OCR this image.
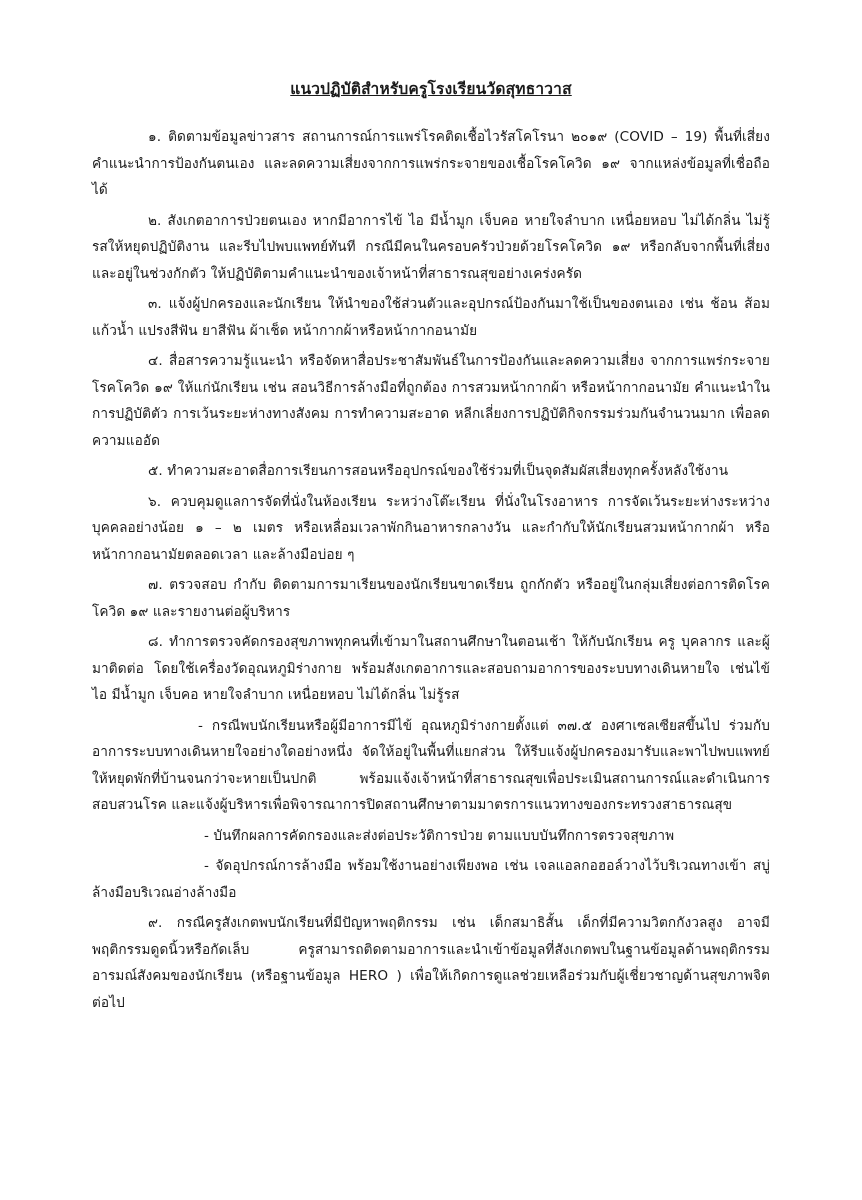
แนวปฏิบัติสำหรับครูโรงเรียนวัดสุทธาวาส

๑. ติดตามข้อมูลข่าวสาร สถานการณ์การแพร่โรคติดเชื้อไวรัสโคโรนา ๒๐๑๙ (COVID – 19) พื้นที่เสี่ยง คำแนะนำการป้องกันตนเอง และลดความเสี่ยงจากการแพร่กระจายของเชื้อโรคโควิด ๑๙ จากแหล่งข้อมูลที่เชื่อถือได้

๒. สังเกตอาการป่วยตนเอง หากมีอาการไข้ ไอ มีน้ำมูก เจ็บคอ หายใจลำบาก เหนื่อยหอบ ไม่ได้กลิ่น ไม่รู้รสให้หยุดปฏิบัติงาน และรีบไปพบแพทย์ทันที กรณีมีคนในครอบครัวป่วยด้วยโรคโควิด ๑๙ หรือกลับจากพื้นที่เสี่ยงและอยู่ในช่วงกักตัว ให้ปฏิบัติตามคำแนะนำของเจ้าหน้าที่สาธารณสุขอย่างเคร่งครัด

๓. แจ้งผู้ปกครองและนักเรียน ให้นำของใช้ส่วนตัวและอุปกรณ์ป้องกันมาใช้เป็นของตนเอง เช่น ช้อน ส้อม แก้วน้ำ แปรงสีฟัน ยาสีฟัน ผ้าเช็ด หน้ากากผ้าหรือหน้ากากอนามัย

๔. สื่อสารความรู้แนะนำ หรือจัดหาสื่อประชาสัมพันธ์ในการป้องกันและลดความเสี่ยง จากการแพร่กระจายโรคโควิด ๑๙ ให้แก่นักเรียน เช่น สอนวิธีการล้างมือที่ถูกต้อง การสวมหน้ากากผ้า หรือหน้ากากอนามัย คำแนะนำในการปฏิบัติตัว การเว้นระยะห่างทางสังคม การทำความสะอาด หลีกเลี่ยงการปฏิบัติกิจกรรมร่วมกันจำนวนมาก เพื่อลดความแออัด

๕. ทำความสะอาดสื่อการเรียนการสอนหรืออุปกรณ์ของใช้ร่วมที่เป็นจุดสัมผัสเสี่ยงทุกครั้งหลังใช้งาน

๖. ควบคุมดูแลการจัดที่นั่งในห้องเรียน ระหว่างโต๊ะเรียน ที่นั่งในโรงอาหาร การจัดเว้นระยะห่างระหว่างบุคคลอย่างน้อย ๑ – ๒ เมตร หรือเหลื่อมเวลาพักกินอาหารกลางวัน และกำกับให้นักเรียนสวมหน้ากากผ้า หรือหน้ากากอนามัยตลอดเวลา และล้างมือบ่อย ๆ

๗. ตรวจสอบ กำกับ ติดตามการมาเรียนของนักเรียนขาดเรียน ถูกกักตัว หรืออยู่ในกลุ่มเสี่ยงต่อการติดโรคโควิด ๑๙ และรายงานต่อผู้บริหาร

๘. ทำการตรวจคัดกรองสุขภาพทุกคนที่เข้ามาในสถานศึกษาในตอนเช้า ให้กับนักเรียน ครู บุคลากร และผู้มาติดต่อ โดยใช้เครื่องวัดอุณหภูมิร่างกาย พร้อมสังเกตอาการและสอบถามอาการของระบบทางเดินหายใจ เช่นไข้ ไอ มีน้ำมูก เจ็บคอ หายใจลำบาก เหนื่อยหอบ ไม่ได้กลิ่น ไม่รู้รส

- กรณีพบนักเรียนหรือผู้มีอาการมีไข้ อุณหภูมิร่างกายตั้งแต่ ๓๗.๕ องศาเซลเซียสขึ้นไป ร่วมกับอาการระบบทางเดินหายใจอย่างใดอย่างหนึ่ง จัดให้อยู่ในพื้นที่แยกส่วน ให้รีบแจ้งผู้ปกครองมารับและพาไปพบแพทย์ ให้หยุดพักที่บ้านจนกว่าจะหายเป็นปกติ พร้อมแจ้งเจ้าหน้าที่สาธารณสุขเพื่อประเมินสถานการณ์และดำเนินการสอบสวนโรค และแจ้งผู้บริหารเพื่อพิจารณาการปิดสถานศึกษาตามมาตรการแนวทางของกระทรวงสาธารณสุข

- บันทึกผลการคัดกรองและส่งต่อประวัติการป่วย ตามแบบบันทึกการตรวจสุขภาพ

- จัดอุปกรณ์การล้างมือ พร้อมใช้งานอย่างเพียงพอ เช่น เจลแอลกอฮอล์วางไว้บริเวณทางเข้า สบู่ล้างมือบริเวณอ่างล้างมือ

๙. กรณีครูสังเกตพบนักเรียนที่มีปัญหาพฤติกรรม เช่น เด็กสมาธิสั้น เด็กที่มีความวิตกกังวลสูง อาจมีพฤติกรรมดูดนิ้วหรือกัดเล็บ ครูสามารถติดตามอาการและนำเข้าข้อมูลที่สังเกตพบในฐานข้อมูลด้านพฤติกรรม อารมณ์สังคมของนักเรียน (หรือฐานข้อมูล HERO ) เพื่อให้เกิดการดูแลช่วยเหลือร่วมกับผู้เชี่ยวชาญด้านสุขภาพจิตต่อไป
